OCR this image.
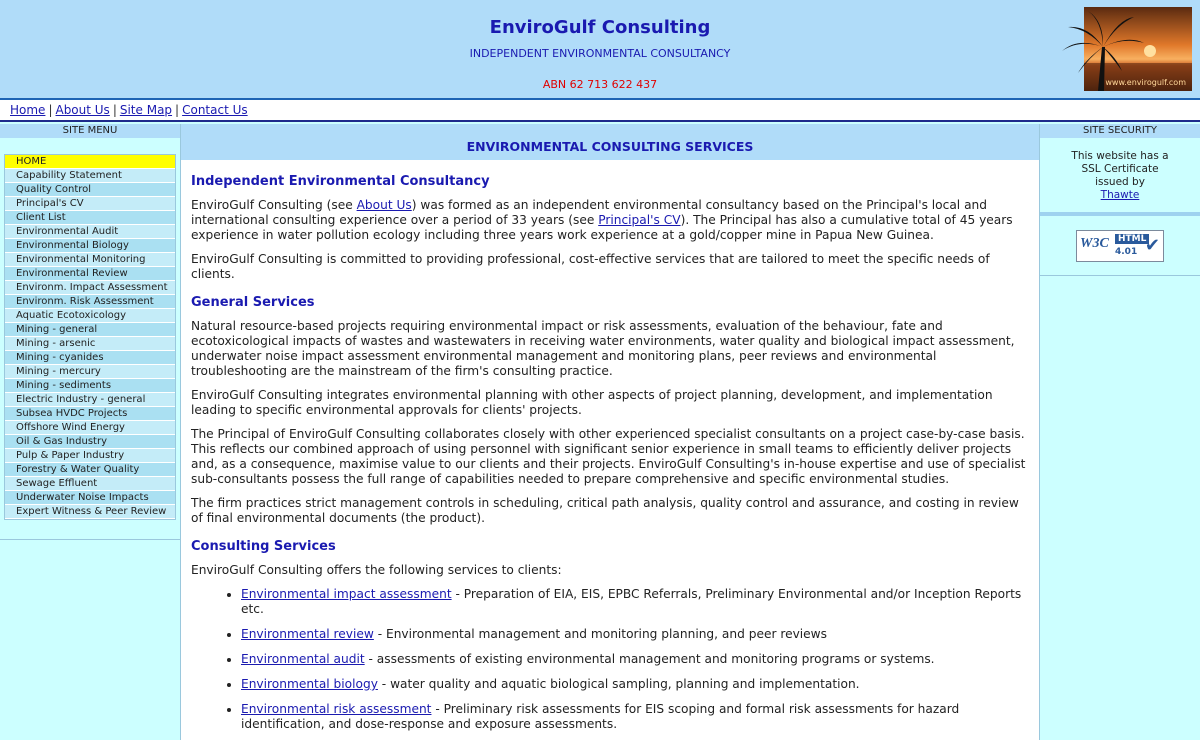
EnviroGulf Consulting
INDEPENDENT ENVIRONMENTAL CONSULTANCY
ABN 62 713 622 437	www.envirogulf.com
Home | About Us | Site Map | Contact Us
SITE MENU
HOME
Capability Statement
Quality Control
Principal's CV
Client List
Environmental Audit
Environmental Biology
Environmental Monitoring
Environmental Review
Environm. Impact Assessment
Environm. Risk Assessment
Aquatic Ecotoxicology
Mining - general
Mining - arsenic
Mining - cyanides
Mining - mercury
Mining - sediments
Electric Industry - general
Subsea HVDC Projects
Offshore Wind Energy
Oil & Gas Industry
Pulp & Paper Industry
Forestry & Water Quality
Sewage Effluent
Underwater Noise Impacts
Expert Witness & Peer Review
ENVIRONMENTAL CONSULTING SERVICES
Independent Environmental Consultancy

EnviroGulf Consulting (see About Us) was formed as an independent environmental consultancy based on the Principal's local and international consulting experience over a period of 33 years (see Principal's CV). The Principal has also a cumulative total of 45 years experience in water pollution ecology including three years work experience at a gold/copper mine in Papua New Guinea.

EnviroGulf Consulting is committed to providing professional, cost-effective services that are tailored to meet the specific needs of clients.

General Services

Natural resource-based projects requiring environmental impact or risk assessments, evaluation of the behaviour, fate and ecotoxicological impacts of wastes and wastewaters in receiving water environments, water quality and biological impact assessment, underwater noise impact assessment environmental management and monitoring plans, peer reviews and environmental troubleshooting are the mainstream of the firm's consulting practice.

EnviroGulf Consulting integrates environmental planning with other aspects of project planning, development, and implementation leading to specific environmental approvals for clients' projects.

The Principal of EnviroGulf Consulting collaborates closely with other experienced specialist consultants on a project case-by-case basis. This reflects our combined approach of using personnel with significant senior experience in small teams to efficiently deliver projects and, as a consequence, maximise value to our clients and their projects. EnviroGulf Consulting's in-house expertise and use of specialist sub-consultants possess the full range of capabilities needed to prepare comprehensive and specific environmental studies.

The firm practices strict management controls in scheduling, critical path analysis, quality control and assurance, and costing in review of final environmental documents (the product).

Consulting Services

EnviroGulf Consulting offers the following services to clients:

• Environmental impact assessment - Preparation of EIA, EIS, EPBC Referrals, Preliminary Environmental and/or Inception Reports etc.
• Environmental review - Environmental management and monitoring planning, and peer reviews
• Environmental audit - assessments of existing environmental management and monitoring programs or systems.
• Environmental biology - water quality and aquatic biological sampling, planning and implementation.
• Environmental risk assessment - Preliminary risk assessments for EIS scoping and formal risk assessments for hazard identification, and dose-response and exposure assessments.
SITE SECURITY
This website has a SSL Certificate issued by
Thawte
W3C	HTML
4.01 ✔
